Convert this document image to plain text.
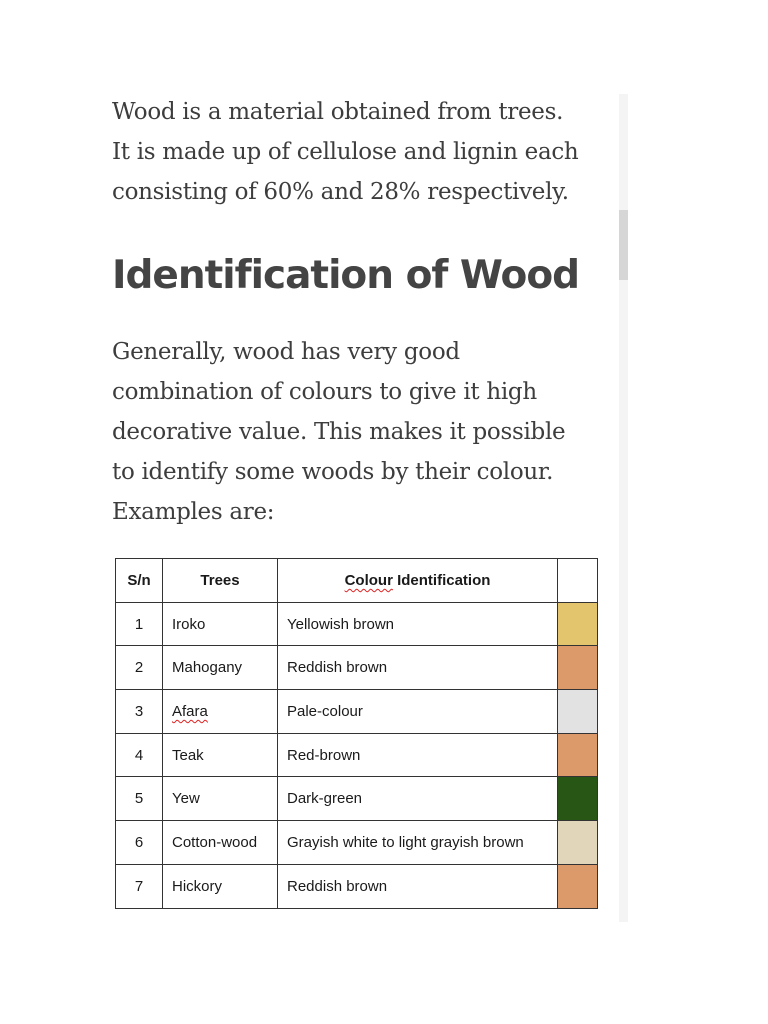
Wood is a material obtained from trees.
It is made up of cellulose and lignin each
consisting of 60% and 28% respectively.

Identification of Wood

Generally, wood has very good
combination of colours to give it high
decorative value. This makes it possible
to identify some woods by their colour.
Examples are:

S/n	Trees	Colour Identification	
1	Iroko	Yellowish brown	
2	Mahogany	Reddish brown	
3	Afara	Pale-colour	
4	Teak	Red-brown	
5	Yew	Dark-green	
6	Cotton-wood	Grayish white to light grayish brown	
7	Hickory	Reddish brown	
